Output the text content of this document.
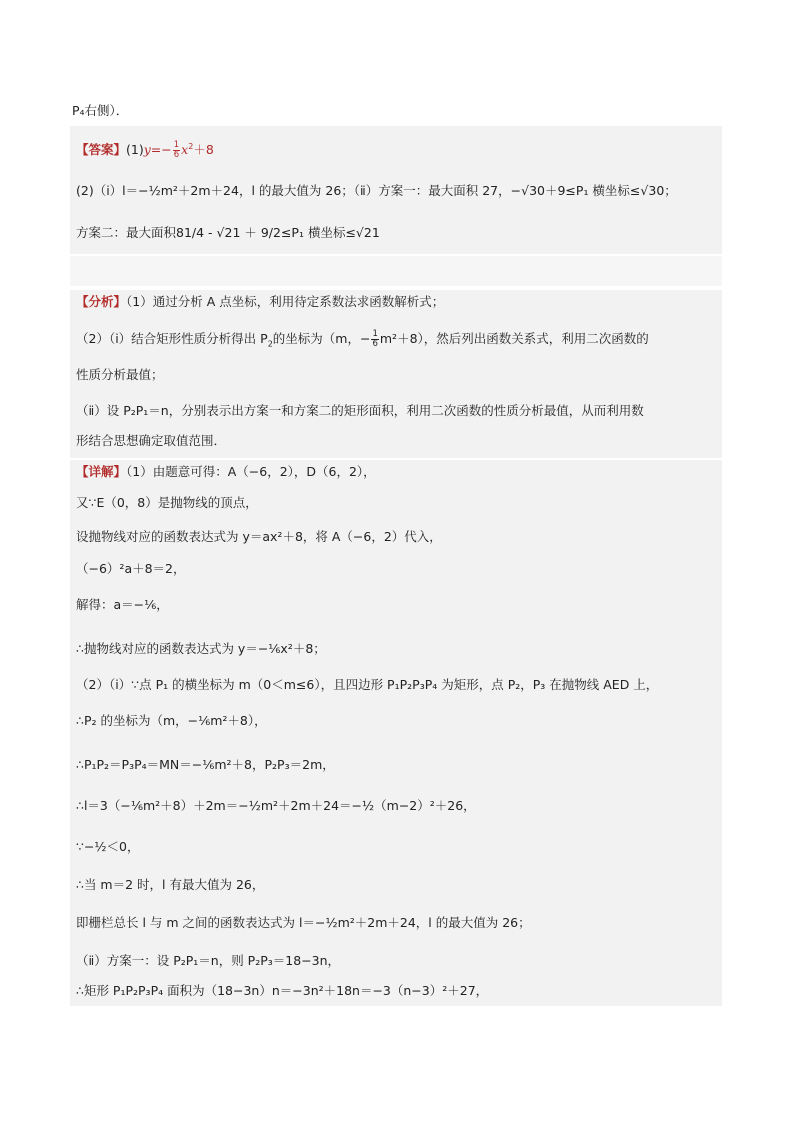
P₄右侧）．
【答案】$(1)y=- \frac{1}{6} x^2+8$
(2)（ⅰ）l＝−½m²＋2m＋24，l 的最大值为 26；（ⅱ）方案一：最大面积 27，−√30＋9≤P₁ 横坐标≤√30；
方案二：最大面积81/4 - √21 ＋ 9/2≤P₁ 横坐标≤√21
【分析】（1）通过分析 A 点坐标，利用待定系数法求函数解析式；
（2）（ⅰ）结合矩形性质分析得出 $P_2$的坐标为（m，− $\frac{1}{6} m^2+8$），然后列出函数关系式，利用二次函数的
性质分析最值；
（ⅱ）设 P₂P₁＝n，分别表示出方案一和方案二的矩形面积，利用二次函数的性质分析最值，从而利用数
形结合思想确定取值范围．
【详解】（1）由题意可得：A（−6，2），D（6，2），
又∵E（0，8）是抛物线的顶点，
设抛物线对应的函数表达式为 y＝ax²＋8，将 A（−6，2）代入，
（−6）²a＋8＝2，
解得：a＝−⅙，
∴抛物线对应的函数表达式为 y＝−⅙x²＋8；
（2）（ⅰ）∵点 P₁ 的横坐标为 m（0＜m≤6），且四边形 P₁P₂P₃P₄ 为矩形，点 P₂，P₃ 在抛物线 AED 上，
∴P₂ 的坐标为（m，−⅙m²＋8），
∴P₁P₂＝P₃P₄＝MN＝−⅙m²＋8，P₂P₃＝2m，
∴l＝3（−⅙m²＋8）＋2m＝−½m²＋2m＋24＝−½（m−2）²＋26，
∵−½＜0，
∴当 m＝2 时，l 有最大值为 26，
即栅栏总长 l 与 m 之间的函数表达式为 l＝−½m²＋2m＋24，l 的最大值为 26；
（ⅱ）方案一：设 P₂P₁＝n，则 P₂P₃＝18−3n，
∴矩形 P₁P₂P₃P₄ 面积为（18−3n）n＝−3n²＋18n＝−3（n−3）²＋27，
